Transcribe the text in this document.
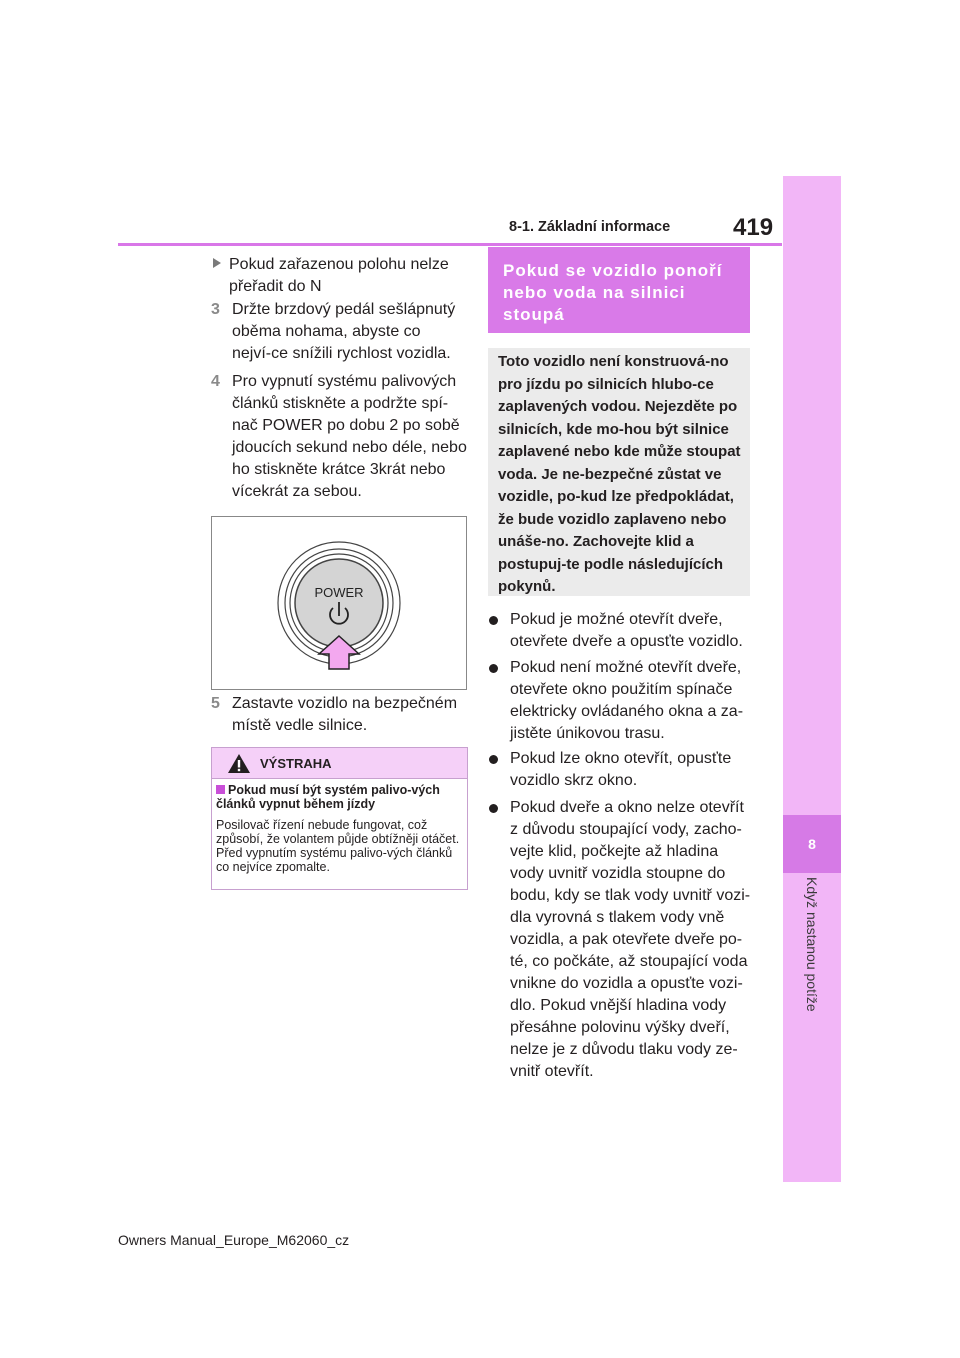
8-1. Základní informace	419
8
Když nastanou potíže
Pokud zařazenou polohu nelze přeřadit do N
3 Držte brzdový pedál sešlápnutý oběma nohama, abyste co nejví-ce snížili rychlost vozidla.
4 Pro vypnutí systému palivových článků stiskněte a podržte spí-nač POWER po dobu 2 po sobě jdoucích sekund nebo déle, nebo ho stiskněte krátce 3krát nebo vícekrát za sebou.
POWER
5 Zastavte vozidlo na bezpečném místě vedle silnice.
VÝSTRAHA
Pokud musí být systém palivo-vých článků vypnut během jízdy
Posilovač řízení nebude fungovat, což způsobí, že volantem půjde obtížněji otáčet. Před vypnutím systému palivo-vých článků co nejvíce zpomalte.
Pokud se vozidlo ponoří nebo voda na silnici stoupá
Toto vozidlo není konstruová-no pro jízdu po silnicích hlubo-ce zaplavených vodou. Nejezděte po silnicích, kde mo-hou být silnice zaplavené nebo kde může stoupat voda. Je ne-bezpečné zůstat ve vozidle, po-kud lze předpokládat, že bude vozidlo zaplaveno nebo unáše-no. Zachovejte klid a postupuj-te podle následujících pokynů.
Pokud je možné otevřít dveře, otevřete dveře a opusťte vozidlo.
Pokud není možné otevřít dveře, otevřete okno použitím spínače elektricky ovládaného okna a za-jistěte únikovou trasu.
Pokud lze okno otevřít, opusťte vozidlo skrz okno.
Pokud dveře a okno nelze otevřít z důvodu stoupající vody, zacho-vejte klid, počkejte až hladina vody uvnitř vozidla stoupne do bodu, kdy se tlak vody uvnitř vozi-dla vyrovná s tlakem vody vně vozidla, a pak otevřete dveře po-té, co počkáte, až stoupající voda vnikne do vozidla a opusťte vozi-dlo. Pokud vnější hladina vody přesáhne polovinu výšky dveří, nelze je z důvodu tlaku vody ze-vnitř otevřít.
Owners Manual_Europe_M62060_cz
